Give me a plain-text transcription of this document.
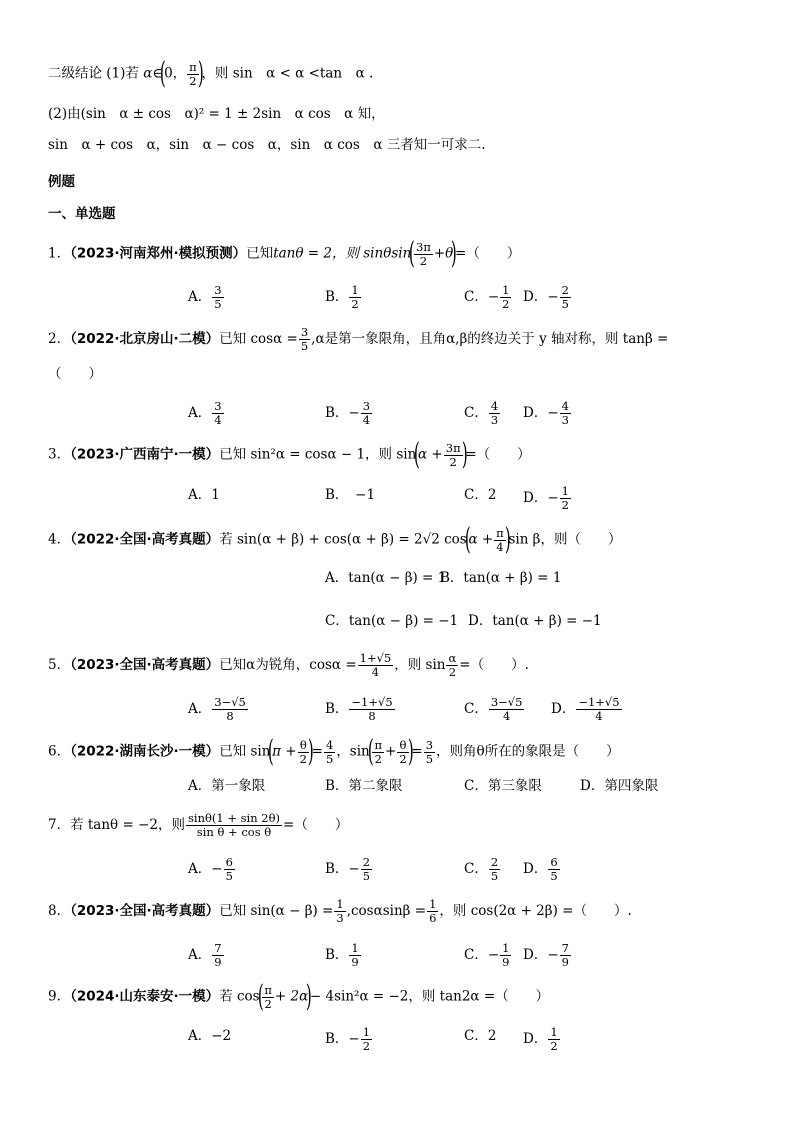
二级结论 (1)若 α∈(0， $\frac{\pi}{2}$
)，则 sin　α < α <tan　α .
(2)由(sin　α ± cos　α)² = 1 ± 2sin　α cos　α 知，
sin　α + cos　α，sin　α − cos　α，sin　α cos　α 三者知一可求二.
例题
一、单选题
1．（2023·河南郑州·模拟预测）已知tanθ = 2，则 sinθsin(
$\frac{3\pi}{2} +\theta)=$（　　）
A． $\frac{3}{5}$	B． $\frac{1}{2}$	C．− $\frac{1}{2}$ D．− $\frac{2}{5}$
2．（2022·北京房山·二模）已知 $\cos\alpha = \frac{3}{5} ,\alpha$是第一象限角，且角α,β的终边关于 y 轴对称，则 tanβ =
（　　）
A． $\frac{3}{4}$	B．− $\frac{3}{4}$	C． $\frac{4}{3}$ D．− $\frac{4}{3}$
3．（2023·广西南宁·一模）已知 sin²α = cosα − 1，则 $\sin(\alpha + \frac{3\pi}{2}$
)=（　　）
A．1	B．　−1	C．2 D．− $\frac{1}{2}$
4．（2022·全国·高考真题）若 sin(α + β) + cos(α + β) = 2√2 $\cos(\alpha + \frac{\pi}{4}$
)sin β，则（　　）
A．tan(α − β) = 1
B．tan(α + β) = 1
C．tan(α − β) = −1 D．tan(α + β) = −1
5．（2023·全国·高考真题）已知α为锐角，$\cos\alpha = \frac{1+√5}{4}$ ，则 $\sin \frac{\alpha}{2}$ =（　　）.
A． $\frac{3-√5}{8}$	B． $\frac{-1+√5}{8}$	C． $\frac{3-√5}{4}$ D． $\frac{-1+√5}{4}$
6．（2022·湖南长沙·一模）已知 $\sin(\pi + \frac{\theta}{2}$
)= $\frac{4}{5}$ ，sin(
$\frac{\pi}{2} + \frac{\theta}{2}$
)= $\frac{3}{5}$ ，则角θ所在的象限是（　　）
A．第一象限	B．第二象限	C．第三象限	D．第四象限
7．若 tanθ = −2，则 $\frac{\sin\theta(1 + \sin 2\theta)}{\text{sin θ + cos θ}}$ =（　　）
A．− $\frac{6}{5}$	B．− $\frac{2}{5}$	C． $\frac{2}{5}$ D． $\frac{6}{5}$
8．（2023·全国·高考真题）已知 $\sin(\alpha - \beta) = \frac{1}{3} ,\cos\alpha\sin\beta = \frac{1}{6}$ ，则 cos(2α + 2β) =（　　）.
A． $\frac{7}{9}$	B． $\frac{1}{9}$	C．− $\frac{1}{9}$ D．− $\frac{7}{9}$
9．（2024·山东泰安·一模）若 cos(
$\frac{\pi}{2} + 2\alpha)- 4\sin^2\alpha = -2$，则 tan2α =（　　）
A．−2	B．− $\frac{1}{2}$	C．2 D． $\frac{1}{2}$
